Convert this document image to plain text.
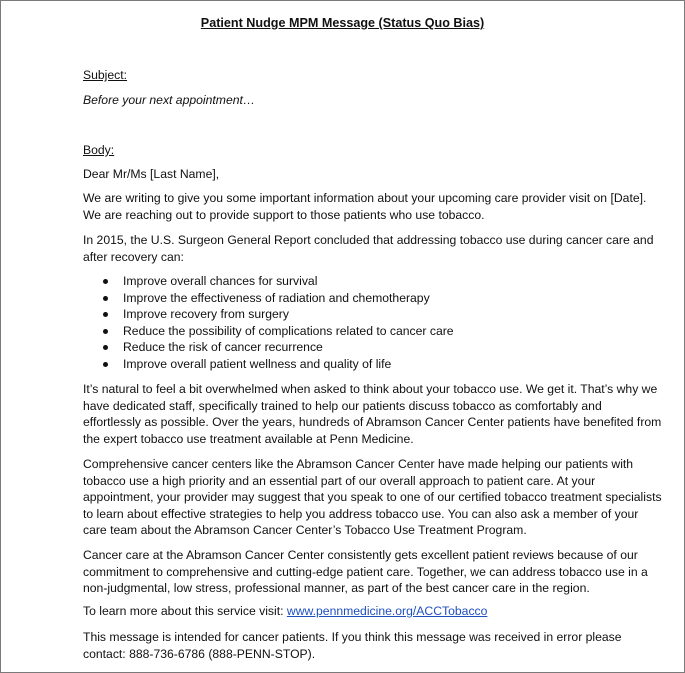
Patient Nudge MPM Message (Status Quo Bias)
Subject:
Before your next appointment…
Body:
Dear Mr/Ms [Last Name],

We are writing to give you some important information about your upcoming care provider visit on [Date]. We are reaching out to provide support to those patients who use tobacco.

In 2015, the U.S. Surgeon General Report concluded that addressing tobacco use during cancer care and after recovery can:

Improve overall chances for survival
Improve the effectiveness of radiation and chemotherapy
Improve recovery from surgery
Reduce the possibility of complications related to cancer care
Reduce the risk of cancer recurrence
Improve overall patient wellness and quality of life

It’s natural to feel a bit overwhelmed when asked to think about your tobacco use. We get it. That’s why we have dedicated staff, specifically trained to help our patients discuss tobacco as comfortably and effortlessly as possible. Over the years, hundreds of Abramson Cancer Center patients have benefited from the expert tobacco use treatment available at Penn Medicine.

Comprehensive cancer centers like the Abramson Cancer Center have made helping our patients with tobacco use a high priority and an essential part of our overall approach to patient care. At your appointment, your provider may suggest that you speak to one of our certified tobacco treatment specialists to learn about effective strategies to help you address tobacco use. You can also ask a member of your care team about the Abramson Cancer Center’s Tobacco Use Treatment Program.

Cancer care at the Abramson Cancer Center consistently gets excellent patient reviews because of our commitment to comprehensive and cutting-edge patient care. Together, we can address tobacco use in a non-judgmental, low stress, professional manner, as part of the best cancer care in the region.

To learn more about this service visit: www.pennmedicine.org/ACCTobacco

This message is intended for cancer patients. If you think this message was received in error please contact: 888-736-6786 (888-PENN-STOP).
